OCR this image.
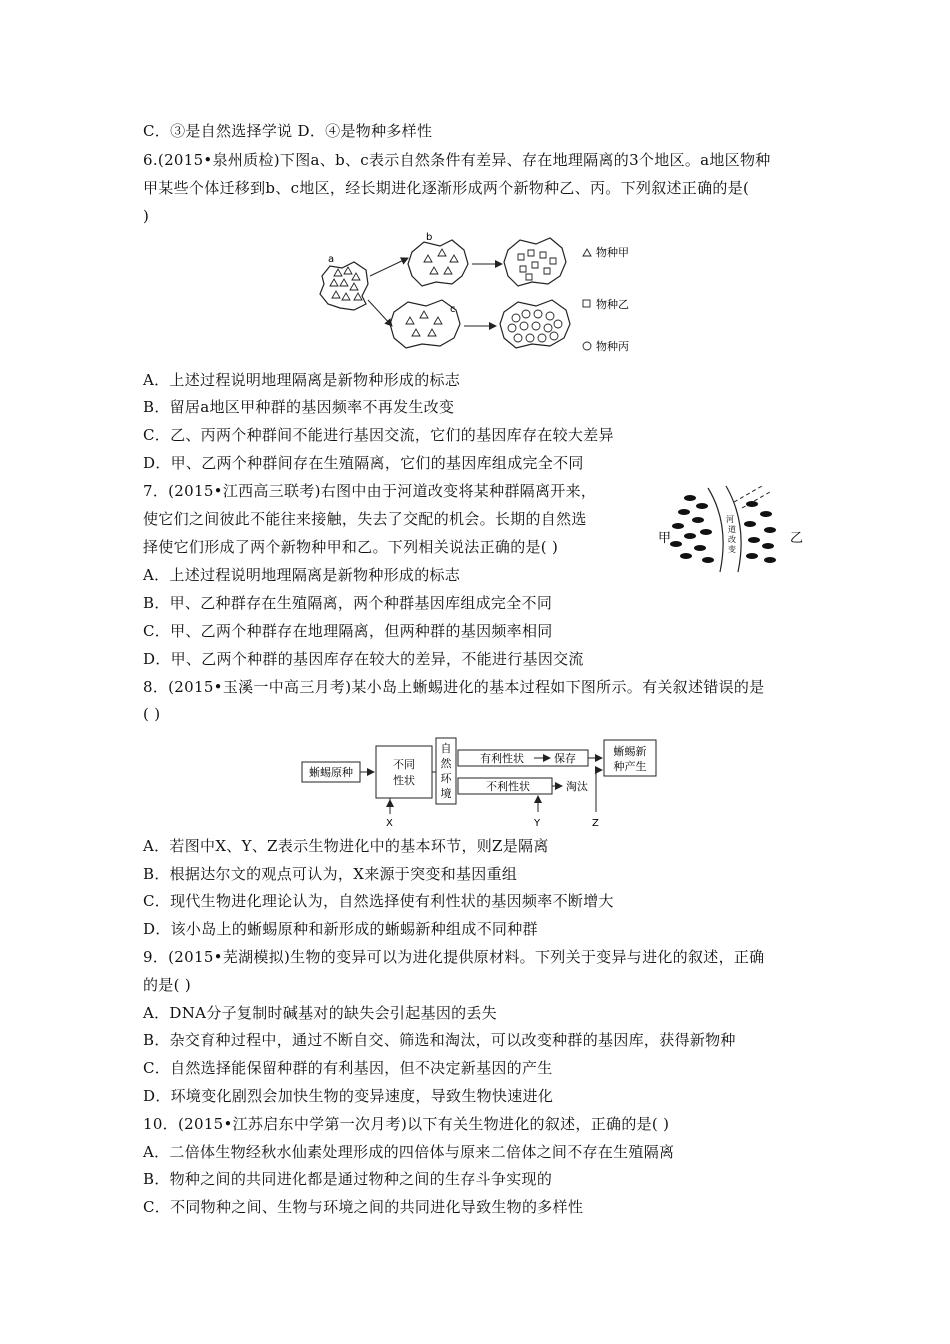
C．③是自然选择学说 D．④是物种多样性
6.(2015•泉州质检)下图a、b、c表示自然条件有差异、存在地理隔离的3个地区。a地区物种
甲某些个体迁移到b、c地区，经长期进化逐渐形成两个新物种乙、丙。下列叙述正确的是(
)
a
b
c
物种甲
物种乙
物种丙
A．上述过程说明地理隔离是新物种形成的标志
B．留居a地区甲种群的基因频率不再发生改变
C．乙、丙两个种群间不能进行基因交流，它们的基因库存在较大差异
D．甲、乙两个种群间存在生殖隔离，它们的基因库组成完全不同
7．(2015•江西高三联考)右图中由于河道改变将某种群隔离开来，
使它们之间彼此不能往来接触，失去了交配的机会。长期的自然选
择使它们形成了两个新物种甲和乙。下列相关说法正确的是( )	甲	乙
河
道
改
变
A．上述过程说明地理隔离是新物种形成的标志
B．甲、乙种群存在生殖隔离，两个种群基因库组成完全不同
C．甲、乙两个种群存在地理隔离，但两种群的基因频率相同
D．甲、乙两个种群的基因库存在较大的差异，不能进行基因交流
8．(2015•玉溪一中高三月考)某小岛上蜥蜴进化的基本过程如下图所示。有关叙述错误的是
( )
蜥蜴原种
不同
性状
X
自
然
环
境
有利性状	保存
不利性状	淘汰
Y
蜥蜴新
种产生
Z
A．若图中X、Y、Z表示生物进化中的基本环节，则Z是隔离
B．根据达尔文的观点可认为，X来源于突变和基因重组
C．现代生物进化理论认为，自然选择使有利性状的基因频率不断增大
D．该小岛上的蜥蜴原种和新形成的蜥蜴新种组成不同种群
9．(2015•芜湖模拟)生物的变异可以为进化提供原材料。下列关于变异与进化的叙述，正确
的是( )
A．DNA分子复制时碱基对的缺失会引起基因的丢失
B．杂交育种过程中，通过不断自交、筛选和淘汰，可以改变种群的基因库，获得新物种
C．自然选择能保留种群的有利基因，但不决定新基因的产生
D．环境变化剧烈会加快生物的变异速度，导致生物快速进化
10．(2015•江苏启东中学第一次月考)以下有关生物进化的叙述，正确的是( )
A．二倍体生物经秋水仙素处理形成的四倍体与原来二倍体之间不存在生殖隔离
B．物种之间的共同进化都是通过物种之间的生存斗争实现的
C．不同物种之间、生物与环境之间的共同进化导致生物的多样性
